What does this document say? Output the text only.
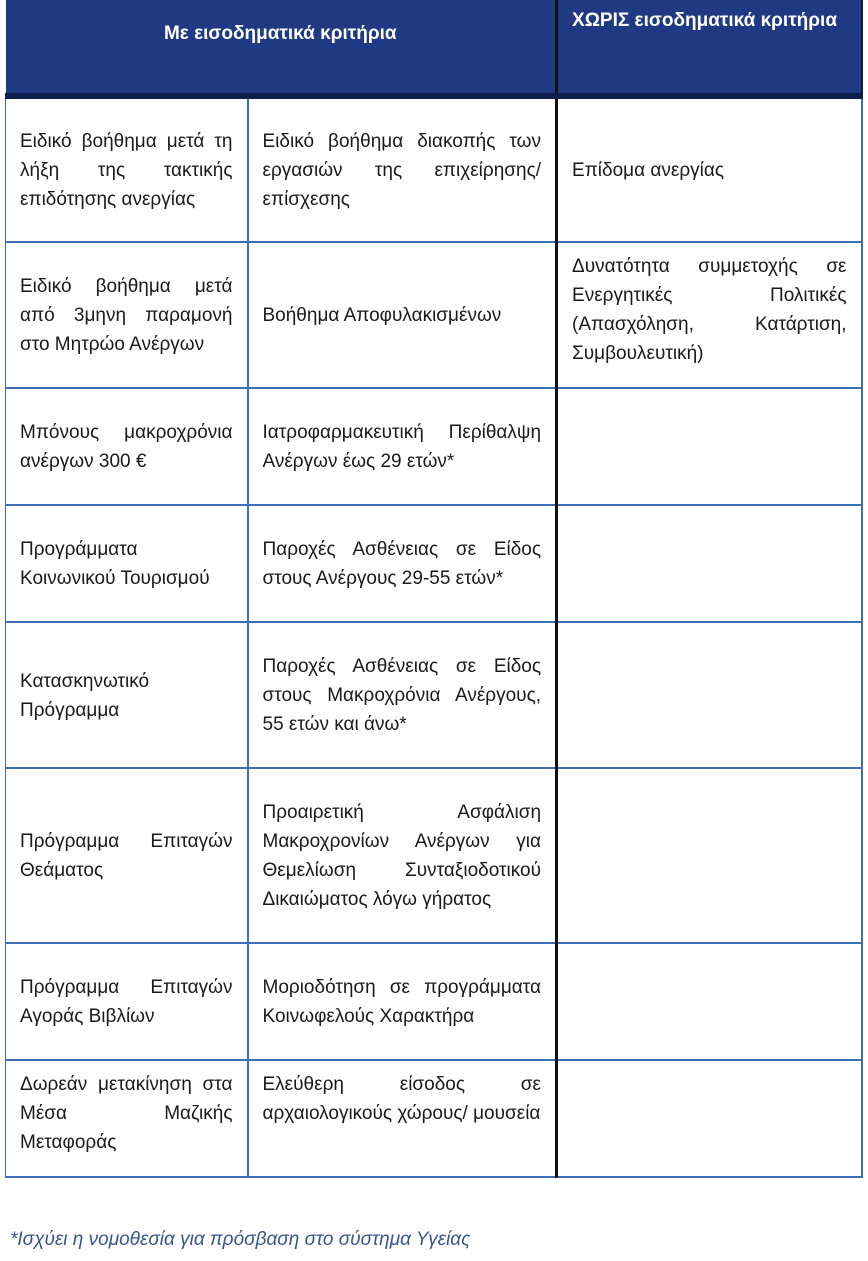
Με εισοδηματικά κριτήρια		ΧΩΡΙΣ εισοδηματικά κριτήρια
Ειδικό βοήθημα μετά τη λήξη της τακτικής επιδότησης ανεργίας	Ειδικό βοήθημα διακοπής των εργασιών της επιχείρησης/επίσχεσης	Επίδομα ανεργίας
Ειδικό βοήθημα μετά από 3μηνη παραμονή στο Μητρώο Ανέργων	Βοήθημα Αποφυλακισμένων	Δυνατότητα συμμετοχής σε Ενεργητικές Πολιτικές (Απασχόληση, Κατάρτιση, Συμβουλευτική)
Μπόνους μακροχρόνια ανέργων 300 €	Ιατροφαρμακευτική Περίθαλψη Ανέργων έως 29 ετών*	
Προγράμματα Κοινωνικού Τουρισμού	Παροχές Ασθένειας σε Είδος στους Ανέργους 29-55 ετών*	
Κατασκηνωτικό Πρόγραμμα	Παροχές Ασθένειας σε Είδος στους Μακροχρόνια Ανέργους, 55 ετών και άνω*	
Πρόγραμμα Επιταγών Θεάματος	Προαιρετική Ασφάλιση Μακροχρονίων Ανέργων για Θεμελίωση Συνταξιοδοτικού Δικαιώματος λόγω γήρατος	
Πρόγραμμα Επιταγών Αγοράς Βιβλίων	Μοριοδότηση σε προγράμματα Κοινωφελούς Χαρακτήρα	
Δωρεάν μετακίνηση στα Μέσα Μαζικής Μεταφοράς	Ελεύθερη είσοδος σε αρχαιολογικούς χώρους/ μουσεία	
*Ισχύει η νομοθεσία για πρόσβαση στο σύστημα Υγείας
